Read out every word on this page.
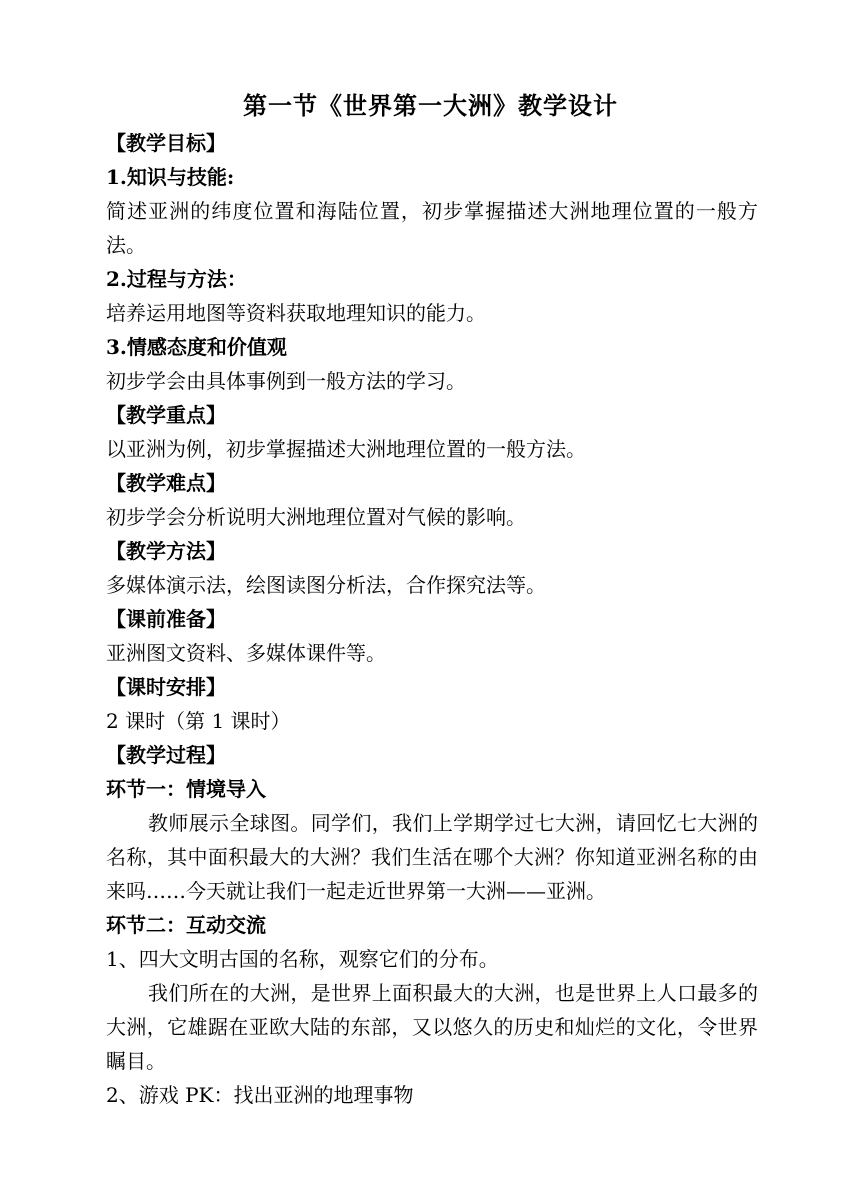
第一节《世界第一大洲》教学设计
【教学目标】
1.知识与技能:
简述亚洲的纬度位置和海陆位置，初步掌握描述大洲地理位置的一般方法。
2.过程与方法：
培养运用地图等资料获取地理知识的能力。
3.情感态度和价值观
初步学会由具体事例到一般方法的学习。
【教学重点】
以亚洲为例，初步掌握描述大洲地理位置的一般方法。
【教学难点】
初步学会分析说明大洲地理位置对气候的影响。
【教学方法】
多媒体演示法，绘图读图分析法，合作探究法等。
【课前准备】
亚洲图文资料、多媒体课件等。
【课时安排】
2 课时（第 1 课时）
【教学过程】
环节一：情境导入
教师展示全球图。同学们，我们上学期学过七大洲，请回忆七大洲的名称，其中面积最大的大洲？我们生活在哪个大洲？你知道亚洲名称的由来吗……今天就让我们一起走近世界第一大洲——亚洲。
环节二：互动交流
1、四大文明古国的名称，观察它们的分布。
我们所在的大洲，是世界上面积最大的大洲，也是世界上人口最多的大洲，它雄踞在亚欧大陆的东部，又以悠久的历史和灿烂的文化，令世界瞩目。
2、游戏 PK：找出亚洲的地理事物
